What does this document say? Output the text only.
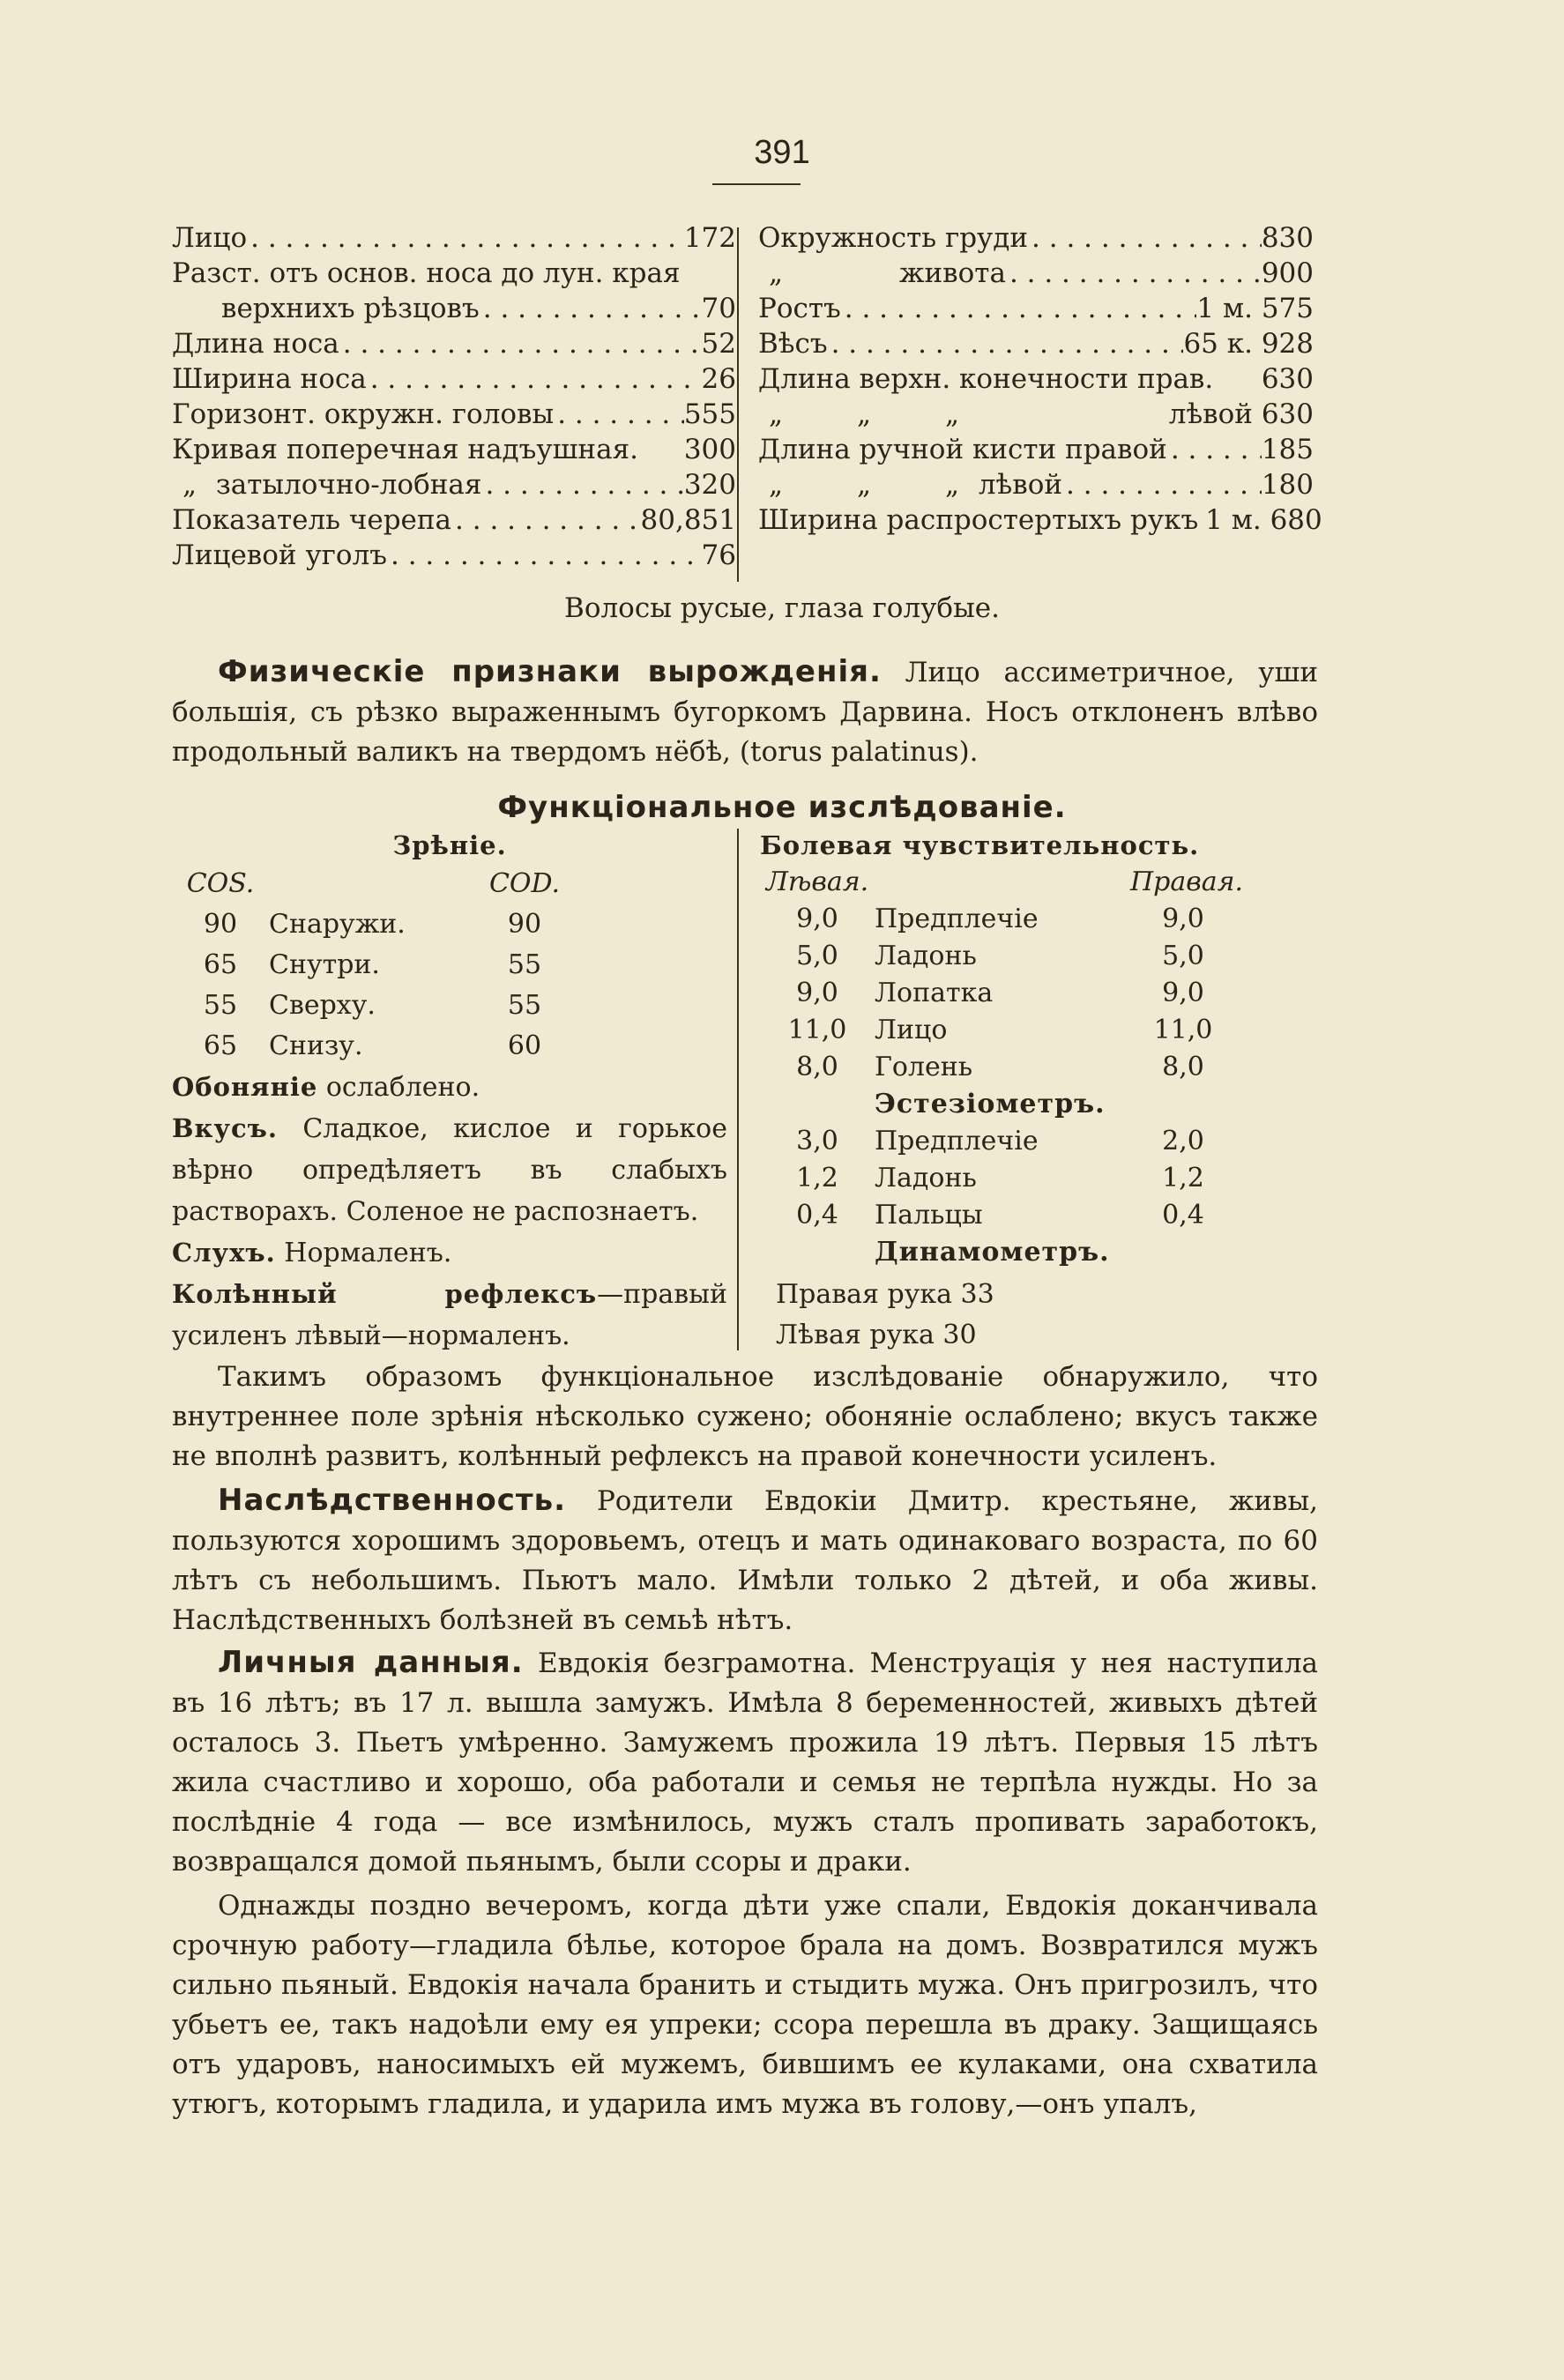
391
Лицо . . .	172
Разст. отъ основ. носа до лун. края
верхнихъ рѣзцовъ . . .	70
Длина носа . . .	52
Ширина носа . . .	26
Горизонт. окружн. головы . . .	555
Кривая поперечная надъушная. 300
„ затылочно-лобная . . .	320
Показатель черепа . . .	80,851
Лицевой уголъ . . .	76
Окружность груди . . .	830
„	живота . . .	900
Ростъ . . .	1 м. 575
Вѣсъ . . .	65 к. 928
Длина верхн. конечности прав. 630
„	„	„	лѣвой 630
Длина ручной кисти правой . . .	185
„	„	„ лѣвой . . .	180
Ширина распростертыхъ рукъ 1 м. 680
Волосы русые, глаза голубые.
Физическіе признаки вырожденія. Лицо ассиметричное, уши большія, съ рѣзко выраженнымъ бугоркомъ Дарвина. Носъ отклоненъ влѣво продольный валикъ на твердомъ нёбѣ, (torus palatinus).
Функціональное изслѣдованіе.
Зрѣніе.
COS.	COD.
90	Снаружи.	90
65	Снутри.	55
55	Сверху.	55
65	Снизу.	60
Обоняніе ослаблено.
Вкусъ. Сладкое, кислое и горькое вѣрно опредѣляетъ въ слабыхъ растворахъ. Соленое не распознаетъ.
Слухъ. Нормаленъ.
Колѣнный рефлексъ—правый усиленъ лѣвый—нормаленъ.
Болевая чувствительность.
Лѣвая.	Правая.
9,0	Предплечіе	9,0
5,0	Ладонь	5,0
9,0	Лопатка	9,0
11,0	Лицо	11,0
8,0	Голень	8,0
Эстезіометръ.
3,0	Предплечіе	2,0
1,2	Ладонь	1,2
0,4	Пальцы	0,4
Динамометръ.
Правая рука 33
Лѣвая рука 30
Такимъ образомъ функціональное изслѣдованіе обнаружило, что внутреннее поле зрѣнія нѣсколько сужено; обоняніе ослаблено; вкусъ также не вполнѣ развитъ, колѣнный рефлексъ на правой конечности усиленъ.
Наслѣдственность. Родители Евдокіи Дмитр. крестьяне, живы, пользуются хорошимъ здоровьемъ, отецъ и мать одинаковаго возраста, по 60 лѣтъ съ небольшимъ. Пьютъ мало. Имѣли только 2 дѣтей, и оба живы. Наслѣдственныхъ болѣзней въ семьѣ нѣтъ.
Личныя данныя. Евдокія безграмотна. Менструація у нея наступила въ 16 лѣтъ; въ 17 л. вышла замужъ. Имѣла 8 беременностей, живыхъ дѣтей осталось 3. Пьетъ умѣренно. Замужемъ прожила 19 лѣтъ. Первыя 15 лѣтъ жила счастливо и хорошо, оба работали и семья не терпѣла нужды. Но за послѣдніе 4 года — все измѣнилось, мужъ сталъ пропивать заработокъ, возвращался домой пьянымъ, были ссоры и драки.
Однажды поздно вечеромъ, когда дѣти уже спали, Евдокія доканчивала срочную работу—гладила бѣлье, которое брала на домъ. Возвратился мужъ сильно пьяный. Евдокія начала бранить и стыдить мужа. Онъ пригрозилъ, что убьетъ ее, такъ надоѣли ему ея упреки; ссора перешла въ драку. Защищаясь отъ ударовъ, наносимыхъ ей мужемъ, бившимъ ее кулаками, она схватила утюгъ, которымъ гладила, и ударила имъ мужа въ голову,—онъ упалъ,
